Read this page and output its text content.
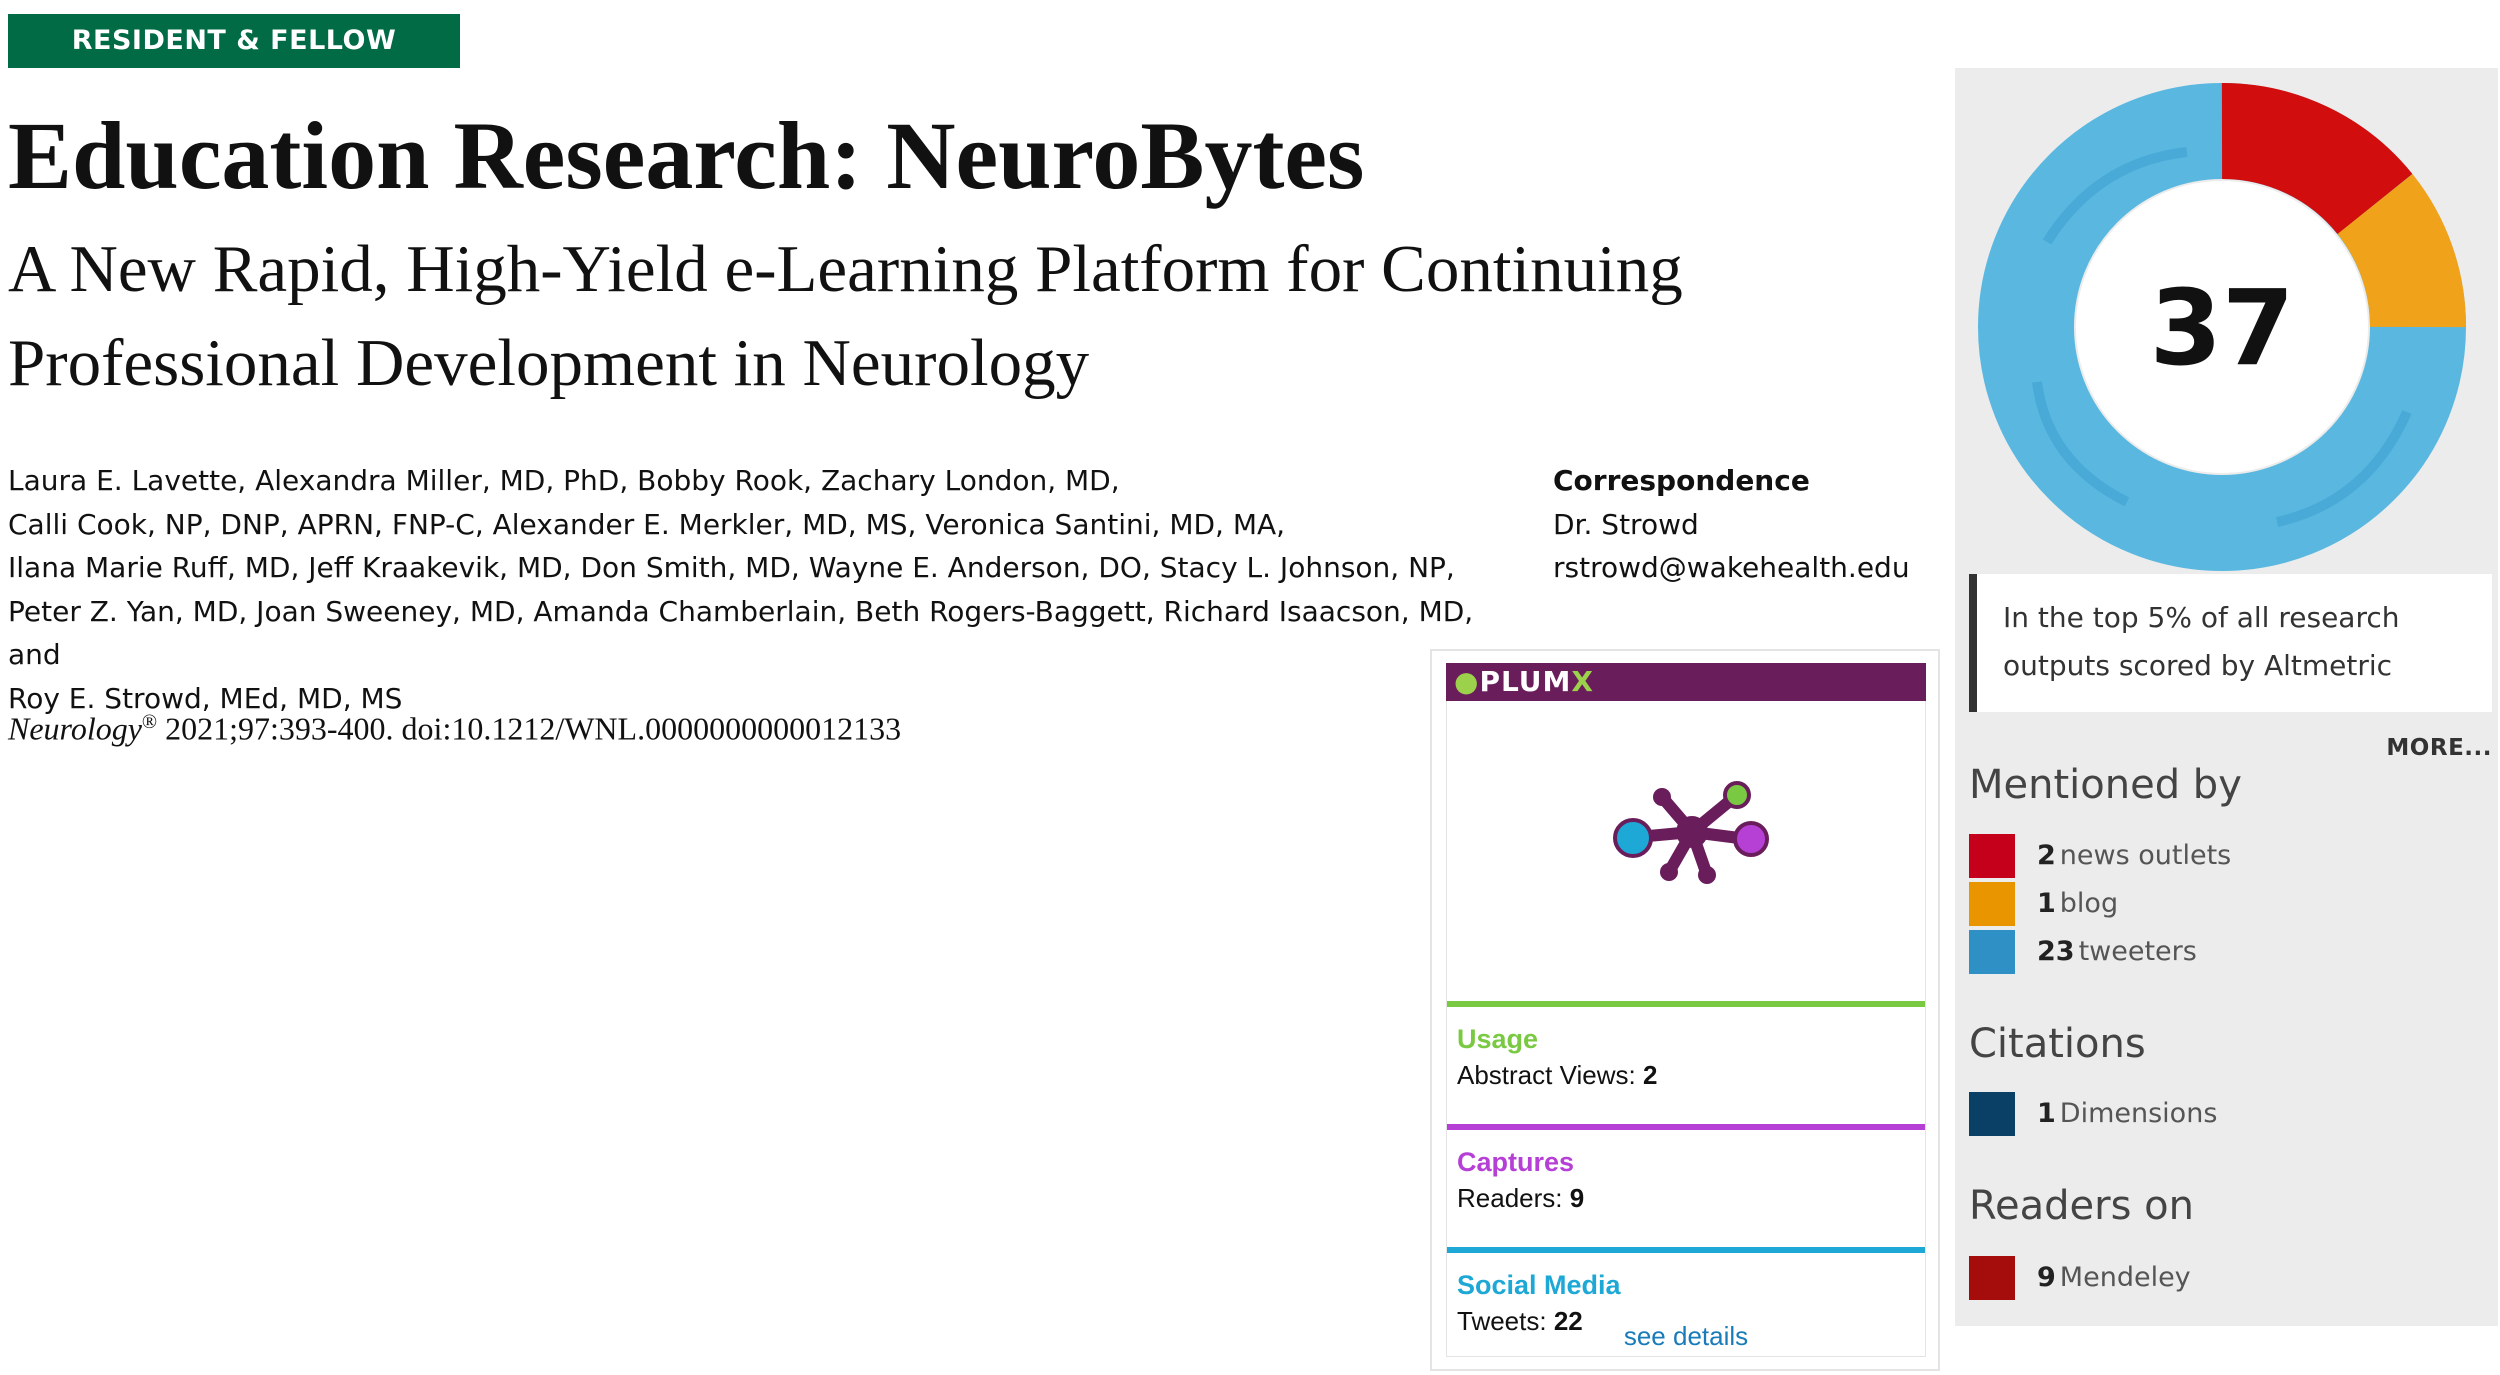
RESIDENT & FELLOW SECTION
Education Research: NeuroBytes
A New Rapid, High-Yield e-Learning Platform for Continuing Professional Development in Neurology
Laura E. Lavette, Alexandra Miller, MD, PhD, Bobby Rook, Zachary London, MD,
Calli Cook, NP, DNP, APRN, FNP-C, Alexander E. Merkler, MD, MS, Veronica Santini, MD, MA,
Ilana Marie Ruff, MD, Jeff Kraakevik, MD, Don Smith, MD, Wayne E. Anderson, DO, Stacy L. Johnson, NP,
Peter Z. Yan, MD, Joan Sweeney, MD, Amanda Chamberlain, Beth Rogers-Baggett, Richard Isaacson, MD, and
Roy E. Strowd, MEd, MD, MS
Neurology® 2021;97:393-400. doi:10.1212/WNL.0000000000012133
Correspondence
Dr. Strowd
rstrowd@wakehealth.edu
●PLUMX
Usage
Abstract Views: 2
Captures
Readers: 9
Social Media
Tweets: 22	see details
37
In the top 5% of all research
outputs scored by Altmetric
MORE...
Mentioned by
2 news outlets
1 blog
23 tweeters
Citations
1 Dimensions
Readers on
9 Mendeley
